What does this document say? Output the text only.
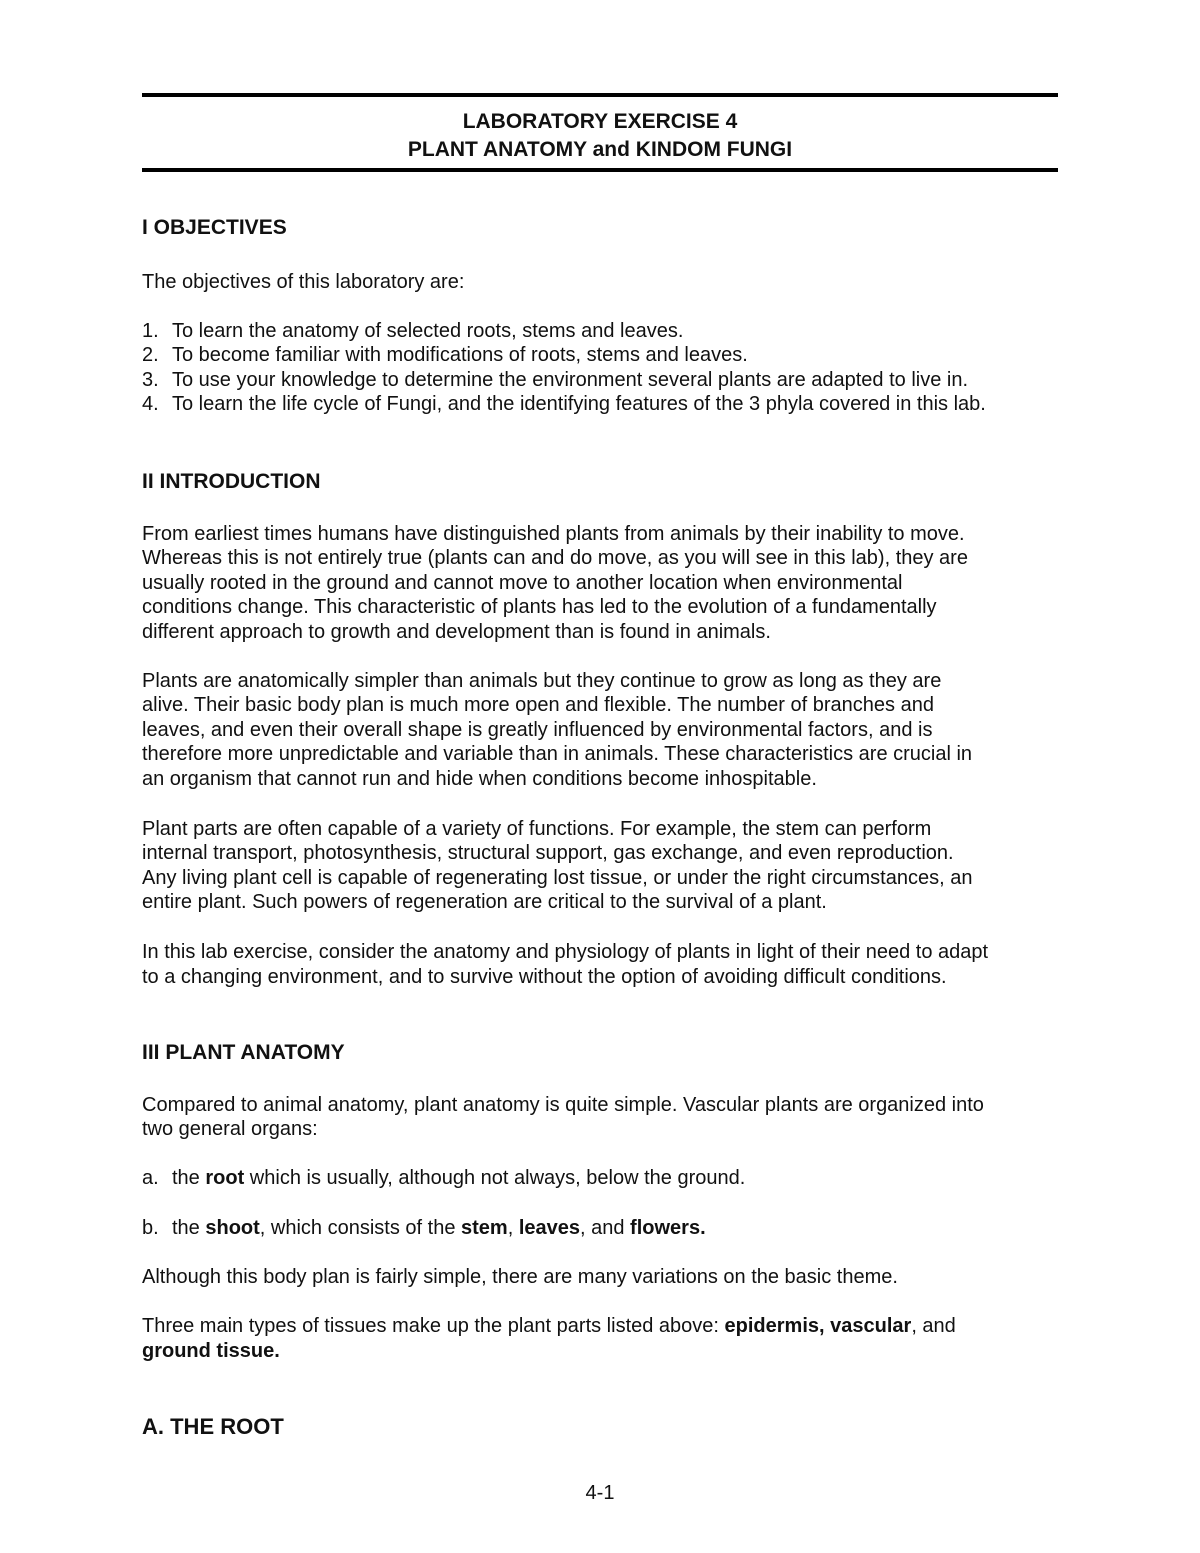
LABORATORY EXERCISE 4
PLANT ANATOMY and KINDOM FUNGI
I OBJECTIVES
The objectives of this laboratory are:
1. To learn the anatomy of selected roots, stems and leaves.
2. To become familiar with modifications of roots, stems and leaves.
3. To use your knowledge to determine the environment several plants are adapted to live in.
4. To learn the life cycle of Fungi, and the identifying features of the 3 phyla covered in this lab.
II INTRODUCTION
From earliest times humans have distinguished plants from animals by their inability to move.
Whereas this is not entirely true (plants can and do move, as you will see in this lab), they are
usually rooted in the ground and cannot move to another location when environmental
conditions change. This characteristic of plants has led to the evolution of a fundamentally
different approach to growth and development than is found in animals.
Plants are anatomically simpler than animals but they continue to grow as long as they are
alive. Their basic body plan is much more open and flexible. The number of branches and
leaves, and even their overall shape is greatly influenced by environmental factors, and is
therefore more unpredictable and variable than in animals. These characteristics are crucial in
an organism that cannot run and hide when conditions become inhospitable.
Plant parts are often capable of a variety of functions. For example, the stem can perform
internal transport, photosynthesis, structural support, gas exchange, and even reproduction.
Any living plant cell is capable of regenerating lost tissue, or under the right circumstances, an
entire plant. Such powers of regeneration are critical to the survival of a plant.
In this lab exercise, consider the anatomy and physiology of plants in light of their need to adapt
to a changing environment, and to survive without the option of avoiding difficult conditions.
III PLANT ANATOMY
Compared to animal anatomy, plant anatomy is quite simple. Vascular plants are organized into
two general organs:
a. the root which is usually, although not always, below the ground.
b. the shoot, which consists of the stem, leaves, and flowers.
Although this body plan is fairly simple, there are many variations on the basic theme.
Three main types of tissues make up the plant parts listed above: epidermis, vascular, and
ground tissue.
A. THE ROOT
4-1
